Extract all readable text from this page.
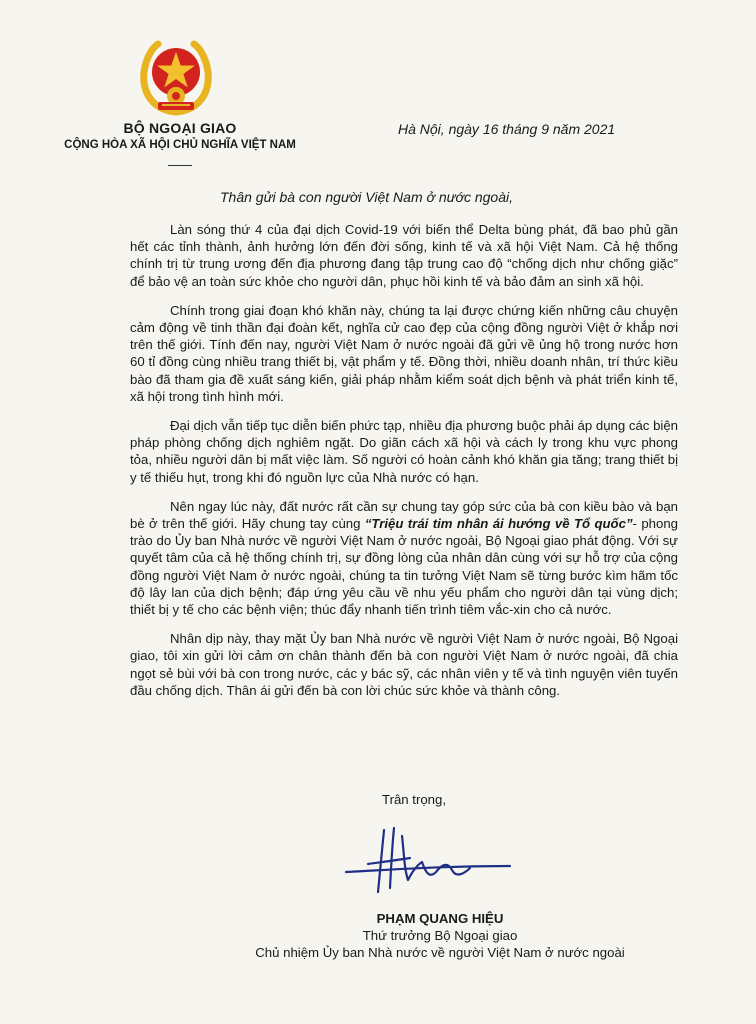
BỘ NGOẠI GIAO
CỘNG HÒA XÃ HỘI CHỦ NGHĨA VIỆT NAM
Hà Nội, ngày 16 tháng 9 năm 2021
Thân gửi bà con người Việt Nam ở nước ngoài,

Làn sóng thứ 4 của đại dịch Covid-19 với biến thể Delta bùng phát, đã bao phủ gần hết các tỉnh thành, ảnh hưởng lớn đến đời sống, kinh tế và xã hội Việt Nam. Cả hệ thống chính trị từ trung ương đến địa phương đang tập trung cao độ “chống dịch như chống giặc” để bảo vệ an toàn sức khỏe cho người dân, phục hồi kinh tế và bảo đảm an sinh xã hội.

Chính trong giai đoạn khó khăn này, chúng ta lại được chứng kiến những câu chuyện cảm động về tinh thần đại đoàn kết, nghĩa cử cao đẹp của cộng đồng người Việt ở khắp nơi trên thế giới. Tính đến nay, người Việt Nam ở nước ngoài đã gửi về ủng hộ trong nước hơn 60 tỉ đồng cùng nhiều trang thiết bị, vật phẩm y tế. Đồng thời, nhiều doanh nhân, trí thức kiều bào đã tham gia đề xuất sáng kiến, giải pháp nhằm kiểm soát dịch bệnh và phát triển kinh tế, xã hội trong tình hình mới.

Đại dịch vẫn tiếp tục diễn biến phức tạp, nhiều địa phương buộc phải áp dụng các biện pháp phòng chống dịch nghiêm ngặt. Do giãn cách xã hội và cách ly trong khu vực phong tỏa, nhiều người dân bị mất việc làm. Số người có hoàn cảnh khó khăn gia tăng; trang thiết bị y tế thiếu hụt, trong khi đó nguồn lực của Nhà nước có hạn.

Nên ngay lúc này, đất nước rất cần sự chung tay góp sức của bà con kiều bào và bạn bè ở trên thế giới. Hãy chung tay cùng “Triệu trái tim nhân ái hướng về Tổ quốc”- phong trào do Ủy ban Nhà nước về người Việt Nam ở nước ngoài, Bộ Ngoại giao phát động. Với sự quyết tâm của cả hệ thống chính trị, sự đồng lòng của nhân dân cùng với sự hỗ trợ của cộng đồng người Việt Nam ở nước ngoài, chúng ta tin tưởng Việt Nam sẽ từng bước kìm hãm tốc độ lây lan của dịch bệnh; đáp ứng yêu cầu về nhu yếu phẩm cho người dân tại vùng dịch; thiết bị y tế cho các bệnh viện; thúc đẩy nhanh tiến trình tiêm vắc-xin cho cả nước.

Nhân dịp này, thay mặt Ủy ban Nhà nước về người Việt Nam ở nước ngoài, Bộ Ngoại giao, tôi xin gửi lời cảm ơn chân thành đến bà con người Việt Nam ở nước ngoài, đã chia ngọt sẻ bùi với bà con trong nước, các y bác sỹ, các nhân viên y tế và tình nguyện viên tuyến đầu chống dịch. Thân ái gửi đến bà con lời chúc sức khỏe và thành công.

Trân trọng,
PHẠM QUANG HIỆU
Thứ trưởng Bộ Ngoại giao
Chủ nhiệm Ủy ban Nhà nước về người Việt Nam ở nước ngoài
